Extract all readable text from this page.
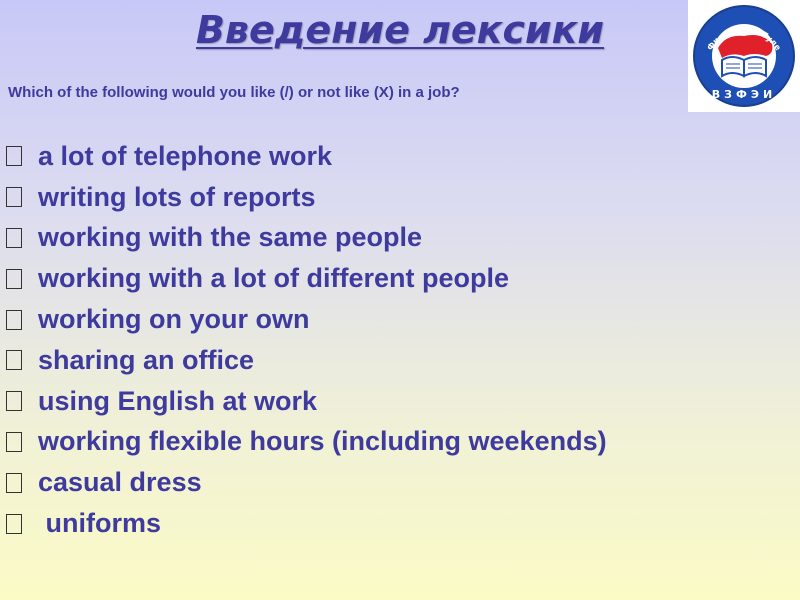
Введение лексики	Филиал в г. Туле
ВЗФЭИ
Which of the following would you like (/) or not like (X) in a job?
a lot of telephone work
writing lots of reports
working with the same people
working with a lot of different people
working on your own
sharing an office
using English at work
working flexible hours (including weekends)
casual dress
uniforms
